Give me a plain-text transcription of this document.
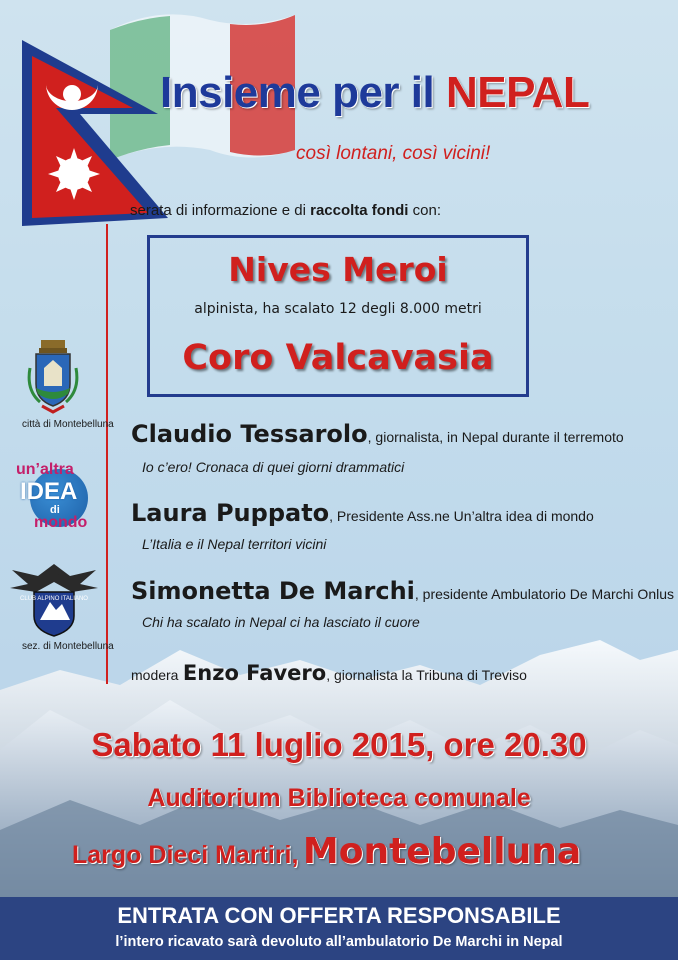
Insieme per il NEPAL
così lontani, così vicini!
serata di informazione e di raccolta fondi con:
Nives Meroi
alpinista, ha scalato 12 degli 8.000 metri
Coro Valcavasia
Claudio Tessarolo, giornalista, in Nepal durante il terremoto
Io c’ero! Cronaca di quei giorni drammatici
Laura Puppato, Presidente Ass.ne Un’altra idea di mondo
L’Italia e il Nepal territori vicini
Simonetta De Marchi, presidente Ambulatorio De Marchi Onlus
Chi ha scalato in Nepal ci ha lasciato il cuore
modera Enzo Favero, giornalista la Tribuna di Treviso
città di Montebelluna
un’altra
IDEA
di
mondo
CLUB ALPINO ITALIANO
sez. di Montebelluna
Sabato 11 luglio 2015, ore 20.30
Auditorium Biblioteca comunale
Largo Dieci Martiri, Montebelluna
ENTRATA CON OFFERTA RESPONSABILE
l’intero ricavato sarà devoluto all’ambulatorio De Marchi in Nepal
